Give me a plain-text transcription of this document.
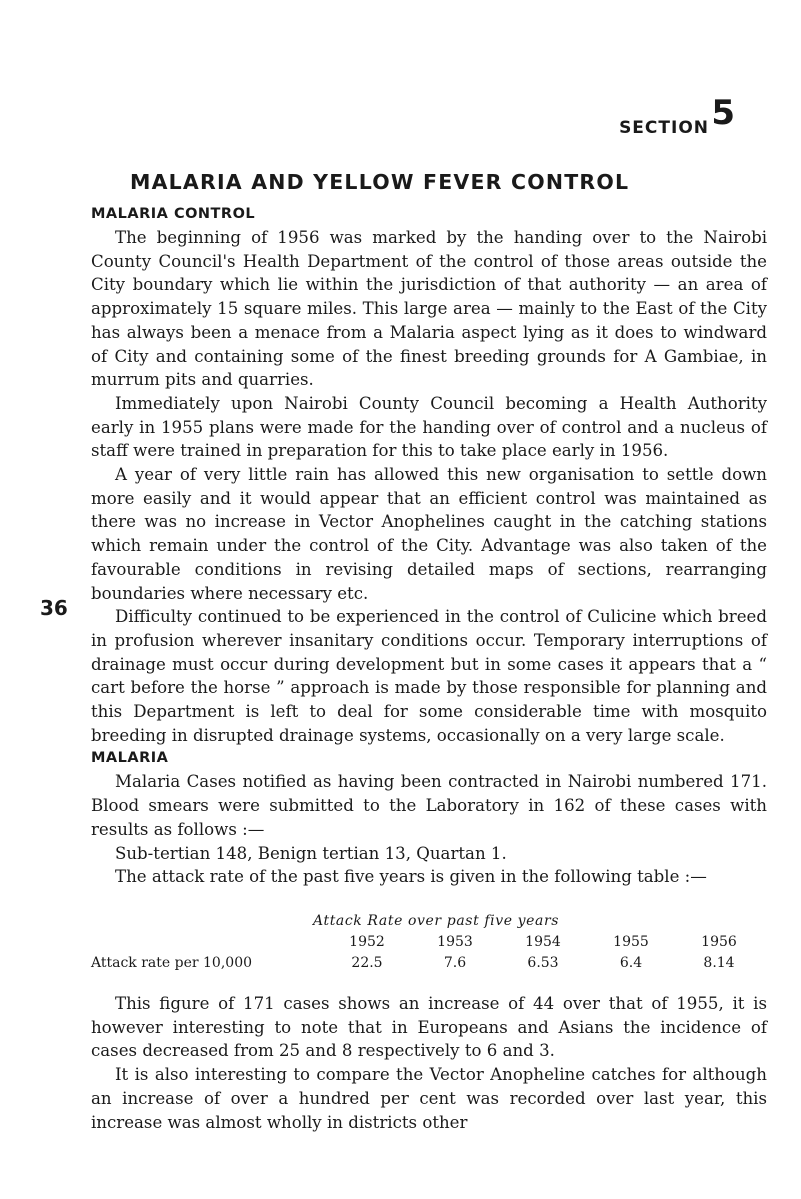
36
5
SECTION
MALARIA AND YELLOW FEVER CONTROL
MALARIA CONTROL

The beginning of 1956 was marked by the handing over to the Nairobi County Council's Health Department of the control of those areas outside the City boundary which lie within the jurisdiction of that authority — an area of approximately 15 square miles. This large area — mainly to the East of the City has always been a menace from a Malaria aspect lying as it does to windward of City and containing some of the finest breeding grounds for A Gambiae, in murrum pits and quarries.

Immediately upon Nairobi County Council becoming a Health Authority early in 1955 plans were made for the handing over of control and a nucleus of staff were trained in preparation for this to take place early in 1956.

A year of very little rain has allowed this new organisation to settle down more easily and it would appear that an efficient control was maintained as there was no increase in Vector Anophelines caught in the catching stations which remain under the control of the City. Advantage was also taken of the favourable conditions in revising detailed maps of sections, rearranging boundaries where necessary etc.

Difficulty continued to be experienced in the control of Culicine which breed in profusion wherever insanitary conditions occur. Temporary interruptions of drainage must occur during development but in some cases it appears that a “ cart before the horse ” approach is made by those responsible for planning and this Department is left to deal for some considerable time with mosquito breeding in disrupted drainage systems, occasionally on a very large scale.

MALARIA

Malaria Cases notified as having been contracted in Nairobi numbered 171. Blood smears were submitted to the Laboratory in 162 of these cases with results as follows :—

Sub-tertian 148, Benign tertian 13, Quartan 1.

The attack rate of the past five years is given in the following table :—

Attack Rate over past five years
	1952	1953	1954	1955	1956
Attack rate per 10,000	22.5	7.6	6.53	6.4	8.14

This figure of 171 cases shows an increase of 44 over that of 1955, it is however interesting to note that in Europeans and Asians the incidence of cases decreased from 25 and 8 respectively to 6 and 3.

It is also interesting to compare the Vector Anopheline catches for although an increase of over a hundred per cent was recorded over last year, this increase was almost wholly in districts other
